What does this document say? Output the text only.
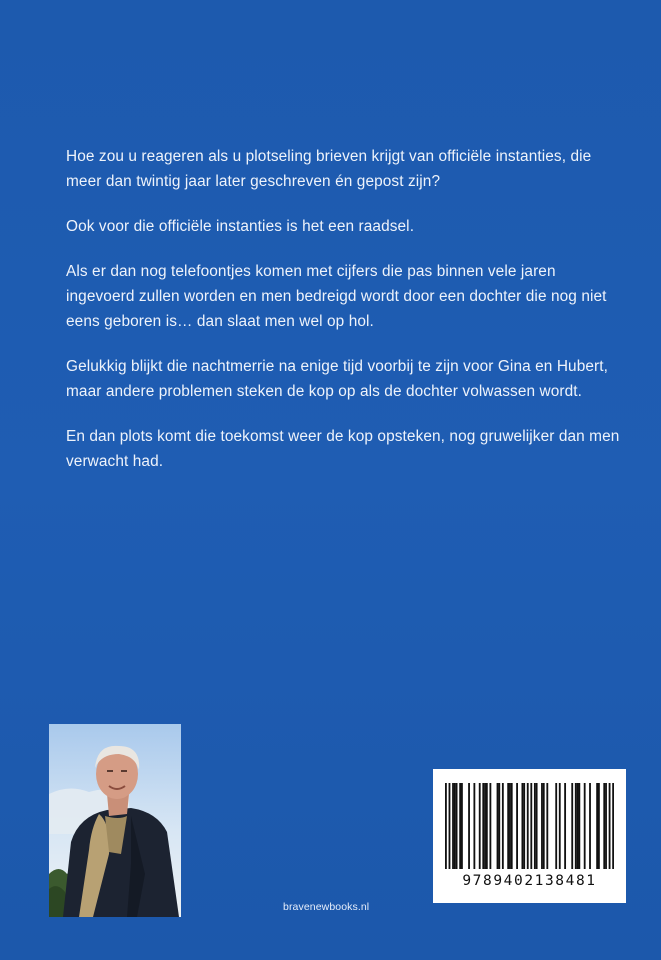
Hoe zou u reageren als u plotseling brieven krijgt van officiële instanties, die meer dan twintig jaar later geschreven én gepost zijn?

Ook voor die officiële instanties is het een raadsel.

Als er dan nog telefoontjes komen met cijfers die pas binnen vele jaren ingevoerd zullen worden en men bedreigd wordt door een dochter die nog niet eens geboren is… dan slaat men wel op hol.

Gelukkig blijkt die nachtmerrie na enige tijd voorbij te zijn voor Gina en Hubert, maar andere problemen steken de kop op als de dochter volwassen wordt.

En dan plots komt die toekomst weer de kop opsteken, nog gruwelijker dan men verwacht had.

bravenewbooks.nl
9789402138481
